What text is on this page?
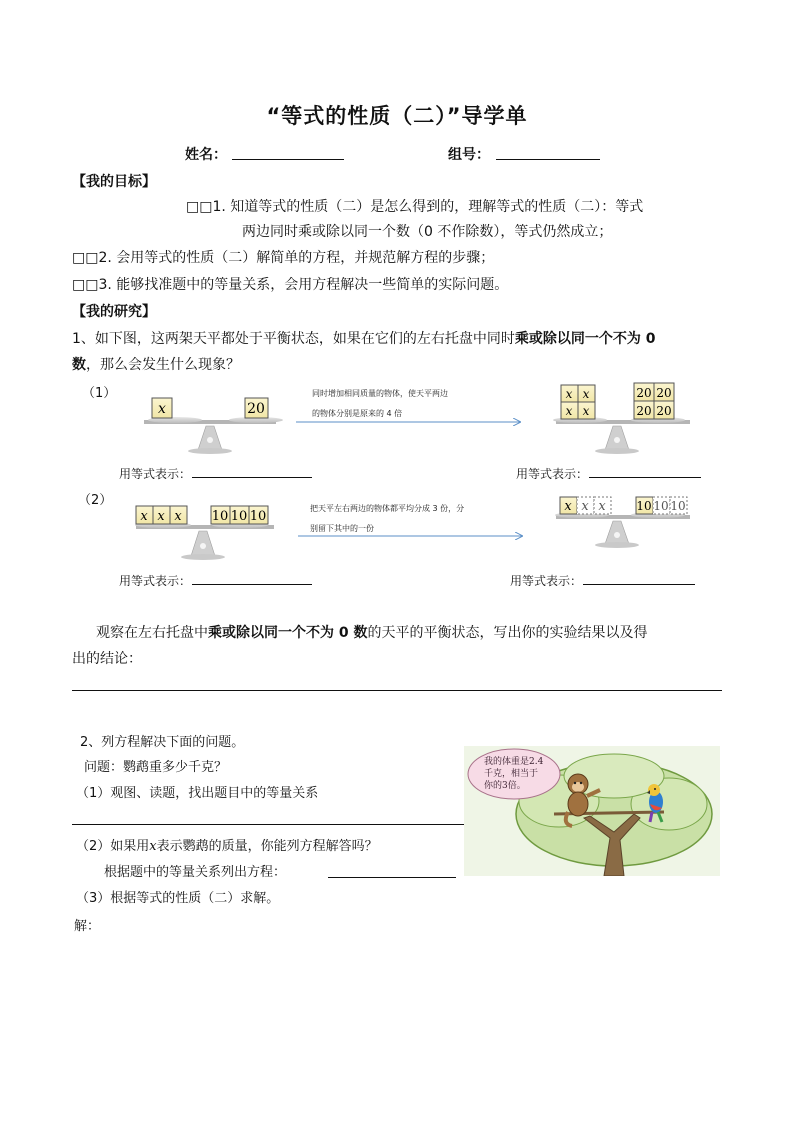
“等式的性质（二）”导学单
姓名：	组号：
【我的目标】
□□1. 知道等式的性质（二）是怎么得到的，理解等式的性质（二）：等式
两边同时乘或除以同一个数（0 不作除数），等式仍然成立；
□□2. 会用等式的性质（二）解简单的方程，并规范解方程的步骤；
□□3. 能够找准题中的等量关系，会用方程解决一些简单的实际问题。
【我的研究】
1、如下图，这两架天平都处于平衡状态，如果在它们的左右托盘中同时乘或除以同一个不为 0
数，那么会发生什么现象？
（1）
（2）
x	20
x x
x x
20 20
20 20
x x x 10 10 10
x x x	10 10 10
同时增加相同质量的物体，使天平两边
的物体分别是原来的 4 倍
把天平左右两边的物体都平均分成 3 份，分
别留下其中的一份
用等式表示：	用等式表示：
用等式表示：	用等式表示：
观察在左右托盘中乘或除以同一个不为 0 数的天平的平衡状态，写出你的实验结果以及得
出的结论：
2、列方程解决下面的问题。
问题：鹦鹉重多少千克？
（1）观图、读题，找出题目中的等量关系
（2）如果用x表示鹦鹉的质量，你能列方程解答吗？
根据题中的等量关系列出方程：
（3）根据等式的性质（二）求解。
解：
我的体重是2.4
千克，相当于
你的3倍。
